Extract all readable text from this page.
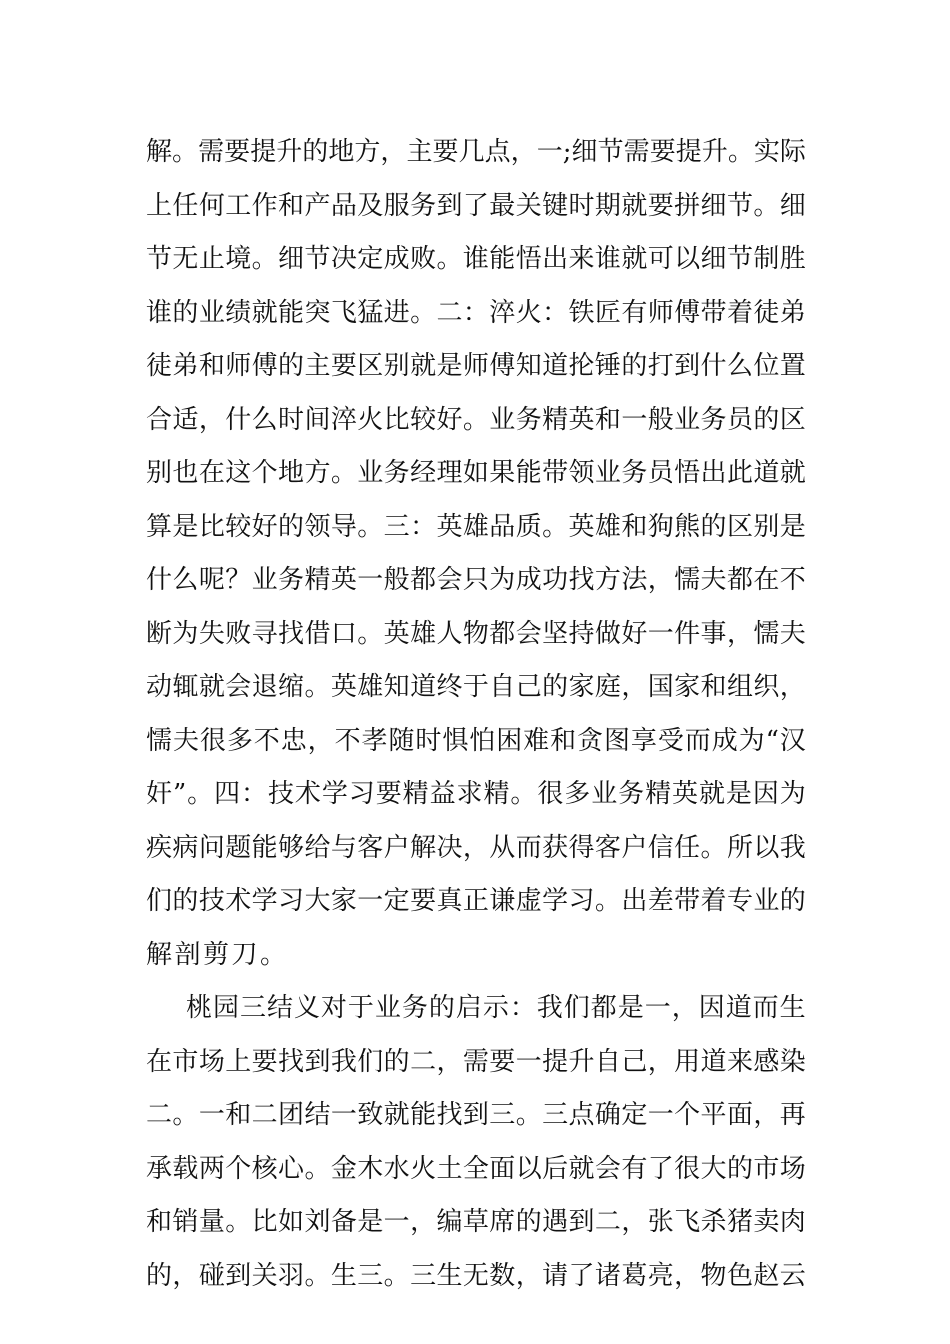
解 。 需 要 提 升 的 地 方 ， 主 要 几 点 ， 一 ; 细 节 需 要 提 升 。 实 际
上 任 何 工 作 和 产 品 及 服 务 到 了 最 关 键 时 期 就 要 拼 细 节 。 细
节 无 止 境 。 细 节 决 定 成 败 。 谁 能 悟 出 来 谁 就 可 以 细 节 制 胜
谁 的 业 绩 就 能 突 飞 猛 进 。 二 ： 淬 火 ： 铁 匠 有 师 傅 带 着 徒 弟
徒 弟 和 师 傅 的 主 要 区 别 就 是 师 傅 知 道 抡 锤 的 打 到 什 么 位 置
合 适 ， 什 么 时 间 淬 火 比 较 好 。 业 务 精 英 和 一 般 业 务 员 的 区
别 也 在 这 个 地 方 。 业 务 经 理 如 果 能 带 领 业 务 员 悟 出 此 道 就
算 是 比 较 好 的 领 导 。 三 ： 英 雄 品 质 。 英 雄 和 狗 熊 的 区 别 是
什 么 呢 ？ 业 务 精 英 一 般 都 会 只 为 成 功 找 方 法 ， 懦 夫 都 在 不
断 为 失 败 寻 找 借 口 。 英 雄 人 物 都 会 坚 持 做 好 一 件 事 ， 懦 夫
动 辄 就 会 退 缩 。 英 雄 知 道 终 于 自 己 的 家 庭 ， 国 家 和 组 织 ，
懦 夫 很 多 不 忠 ， 不 孝 随 时 惧 怕 困 难 和 贪 图 享 受 而 成 为 “ 汉
奸 ” 。 四 ： 技 术 学 习 要 精 益 求 精 。 很 多 业 务 精 英 就 是 因 为
疾 病 问 题 能 够 给 与 客 户 解 决 ， 从 而 获 得 客 户 信 任 。 所 以 我
们 的 技 术 学 习 大 家 一 定 要 真 正 谦 虚 学 习 。 出 差 带 着 专 业 的
解剖剪刀。
桃 园 三 结 义 对 于 业 务 的 启 示 ： 我 们 都 是 一 ， 因 道 而 生
在 市 场 上 要 找 到 我 们 的 二 ， 需 要 一 提 升 自 己 ， 用 道 来 感 染
二 。 一 和 二 团 结 一 致 就 能 找 到 三 。 三 点 确 定 一 个 平 面 ， 再
承 载 两 个 核 心 。 金 木 水 火 土 全 面 以 后 就 会 有 了 很 大 的 市 场
和 销 量 。 比 如 刘 备 是 一 ， 编 草 席 的 遇 到 二 ， 张 飞 杀 猪 卖 肉
的 ， 碰 到 关 羽 。 生 三 。 三 生 无 数 ， 请 了 诸 葛 亮 ， 物 色 赵 云
